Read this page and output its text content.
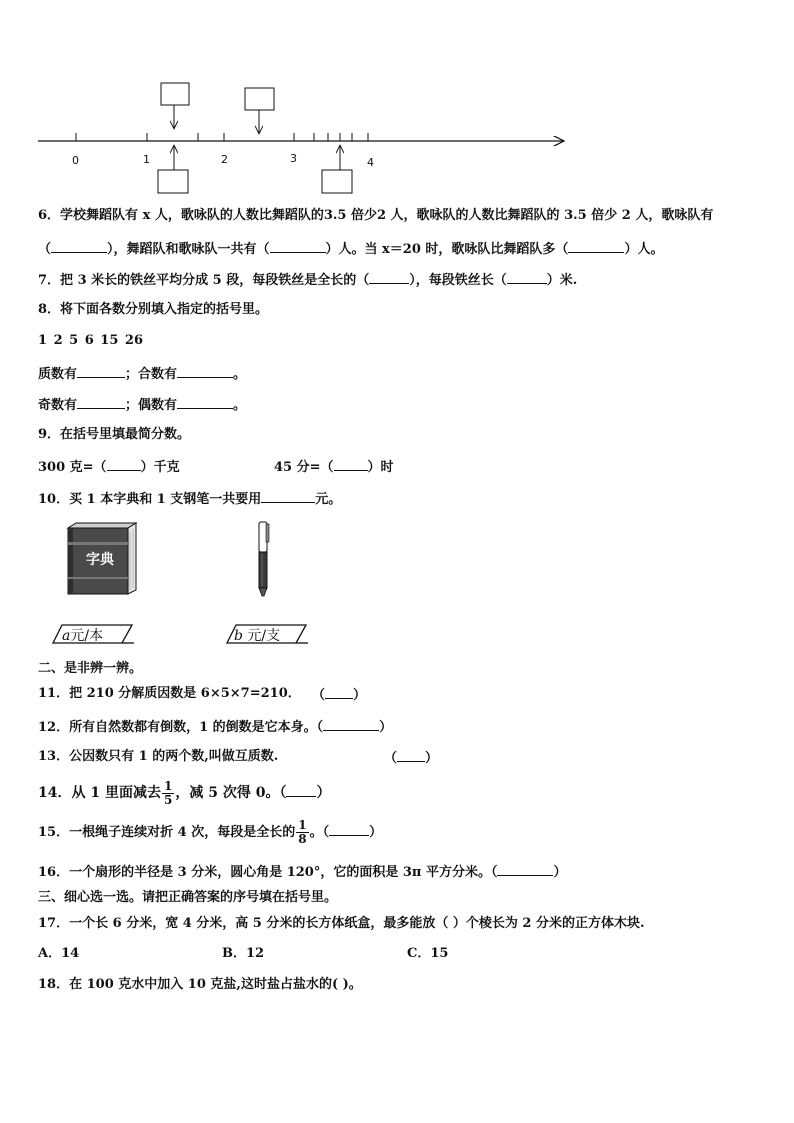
0	1	2	3	4
6．学校舞蹈队有 x 人，歌咏队的人数比舞蹈队的3.5 倍少2 人，歌咏队的人数比舞蹈队的 3.5 倍少 2 人，歌咏队有
（	），舞蹈队和歌咏队一共有（	）人。当 x＝20 时，歌咏队比舞蹈队多（	）人。
7．把 3 米长的铁丝平均分成 5 段，每段铁丝是全长的（	），每段铁丝长（	）米.
8．将下面各数分别填入指定的括号里。
1 2 5 6 15 26
质数有	；合数有	。
奇数有	；偶数有	。
9．在括号里填最简分数。
300 克=（	）千克	45 分=（	）时
10．买 1 本字典和 1 支钢笔一共要用	元。
字典
a元/本	b 元/支
二、是非辨一辨。
11．把 210 分解质因数是 6×5×7=210． （ ）
12．所有自然数都有倒数，1 的倒数是它本身。（	）
13．公因数只有 1 的两个数,叫做互质数.	（ ）
14．从 1 里面减去 $\frac{1}{5}$ ，减 5 次得 0。（ ）
15．一根绳子连续对折 4 次，每段是全长的 $\frac{1}{8}$ 。（	）
16．一个扇形的半径是 3 分米，圆心角是 120°，它的面积是 3π 平方分米。（	）
三、细心选一选。请把正确答案的序号填在括号里。
17．一个长 6 分米，宽 4 分米，高 5 分米的长方体纸盒，最多能放（ ）个棱长为 2 分米的正方体木块.
A．14	B．12	C．15
18．在 100 克水中加入 10 克盐,这时盐占盐水的( )。
